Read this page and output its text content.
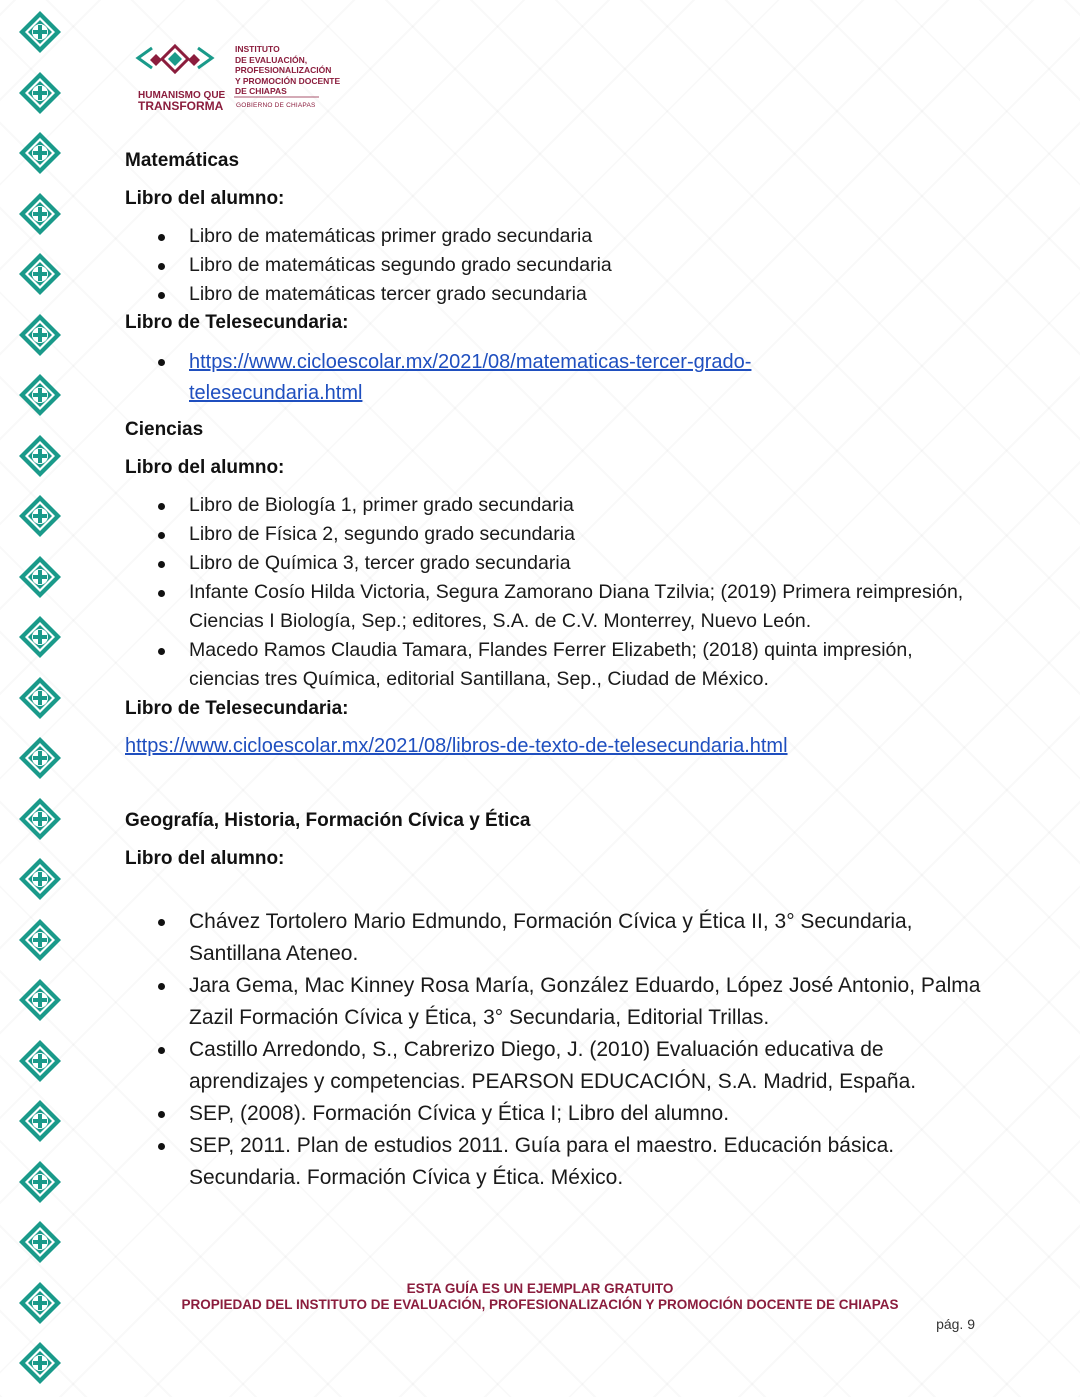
HUMANISMO QUE
TRANSFORMA
INSTITUTO
DE EVALUACIÓN,
PROFESIONALIZACIÓN
Y PROMOCIÓN DOCENTE
DE CHIAPAS
GOBIERNO DE CHIAPAS
Matemáticas
Libro del alumno:
Libro de matemáticas primer grado secundaria
Libro de matemáticas segundo grado secundaria
Libro de matemáticas tercer grado secundaria
Libro de Telesecundaria:
https://www.cicloescolar.mx/2021/08/matematicas-tercer-grado-
telesecundaria.html
Ciencias
Libro del alumno:
Libro de Biología 1, primer grado secundaria
Libro de Física 2, segundo grado secundaria
Libro de Química 3, tercer grado secundaria
Infante Cosío Hilda Victoria, Segura Zamorano Diana Tzilvia; (2019) Primera reimpresión, Ciencias I Biología, Sep.; editores, S.A. de C.V. Monterrey, Nuevo León.
Macedo Ramos Claudia Tamara, Flandes Ferrer Elizabeth; (2018) quinta impresión, ciencias tres Química, editorial Santillana, Sep., Ciudad de México.
Libro de Telesecundaria:
https://www.cicloescolar.mx/2021/08/libros-de-texto-de-telesecundaria.html
Geografía, Historia, Formación Cívica y Ética
Libro del alumno:
Chávez Tortolero Mario Edmundo, Formación Cívica y Ética II, 3° Secundaria, Santillana Ateneo.
Jara Gema, Mac Kinney Rosa María, González Eduardo, López José Antonio, Palma Zazil Formación Cívica y Ética, 3° Secundaria, Editorial Trillas.
Castillo Arredondo, S., Cabrerizo Diego, J. (2010) Evaluación educativa de aprendizajes y competencias. PEARSON EDUCACIÓN, S.A. Madrid, España.
SEP, (2008). Formación Cívica y Ética I; Libro del alumno.
SEP, 2011. Plan de estudios 2011. Guía para el maestro. Educación básica. Secundaria. Formación Cívica y Ética. México.
ESTA GUÍA ES UN EJEMPLAR GRATUITO
PROPIEDAD DEL INSTITUTO DE EVALUACIÓN, PROFESIONALIZACIÓN Y PROMOCIÓN DOCENTE DE CHIAPAS
pág. 9
